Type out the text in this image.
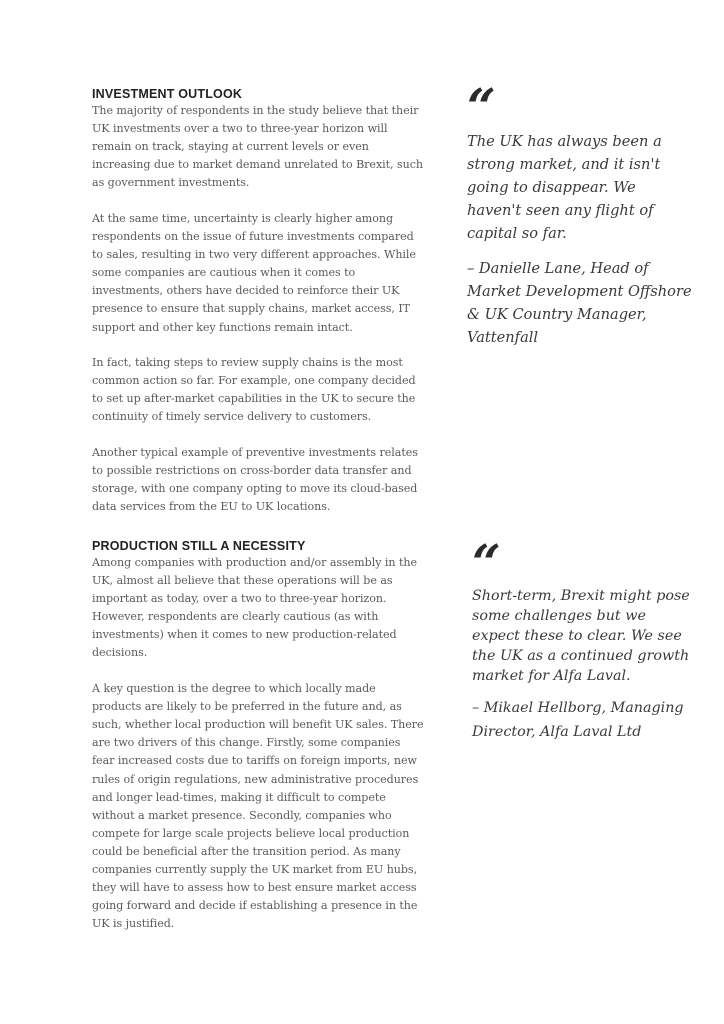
INVESTMENT OUTLOOK

The majority of respondents in the study believe that their UK investments over a two to three-year horizon will remain on track, staying at current levels or even increasing due to market demand unrelated to Brexit, such as government investments.

At the same time, uncertainty is clearly higher among respondents on the issue of future investments compared to sales, resulting in two very different approaches. While some companies are cautious when it comes to investments, others have decided to reinforce their UK presence to ensure that supply chains, market access, IT support and other key functions remain intact.

In fact, taking steps to review supply chains is the most common action so far. For example, one company decided to set up after-market capabilities in the UK to secure the continuity of timely service delivery to customers.

Another typical example of preventive investments relates to possible restrictions on cross-border data transfer and storage, with one company opting to move its cloud-based data services from the EU to UK locations.

PRODUCTION STILL A NECESSITY

Among companies with production and/or assembly in the UK, almost all believe that these operations will be as important as today, over a two to three-year horizon. However, respondents are clearly cautious (as with investments) when it comes to new production-related decisions.

A key question is the degree to which locally made products are likely to be preferred in the future and, as such, whether local production will benefit UK sales. There are two drivers of this change. Firstly, some companies fear increased costs due to tariffs on foreign imports, new rules of origin regulations, new administrative procedures and longer lead-times, making it difficult to compete without a market presence. Secondly, companies who compete for large scale projects believe local production could be beneficial after the transition period. As many companies currently supply the UK market from EU hubs, they will have to assess how to best ensure market access going forward and decide if establishing a presence in the UK is justified.

“

The UK has always been a strong market, and it isn't going to disappear. We haven't seen any flight of capital so far.

– Danielle Lane, Head of Market Development Offshore & UK Country Manager, Vattenfall

“

Short-term, Brexit might pose some challenges but we expect these to clear. We see the UK as a continued growth market for Alfa Laval.

– Mikael Hellborg, Managing Director, Alfa Laval Ltd
